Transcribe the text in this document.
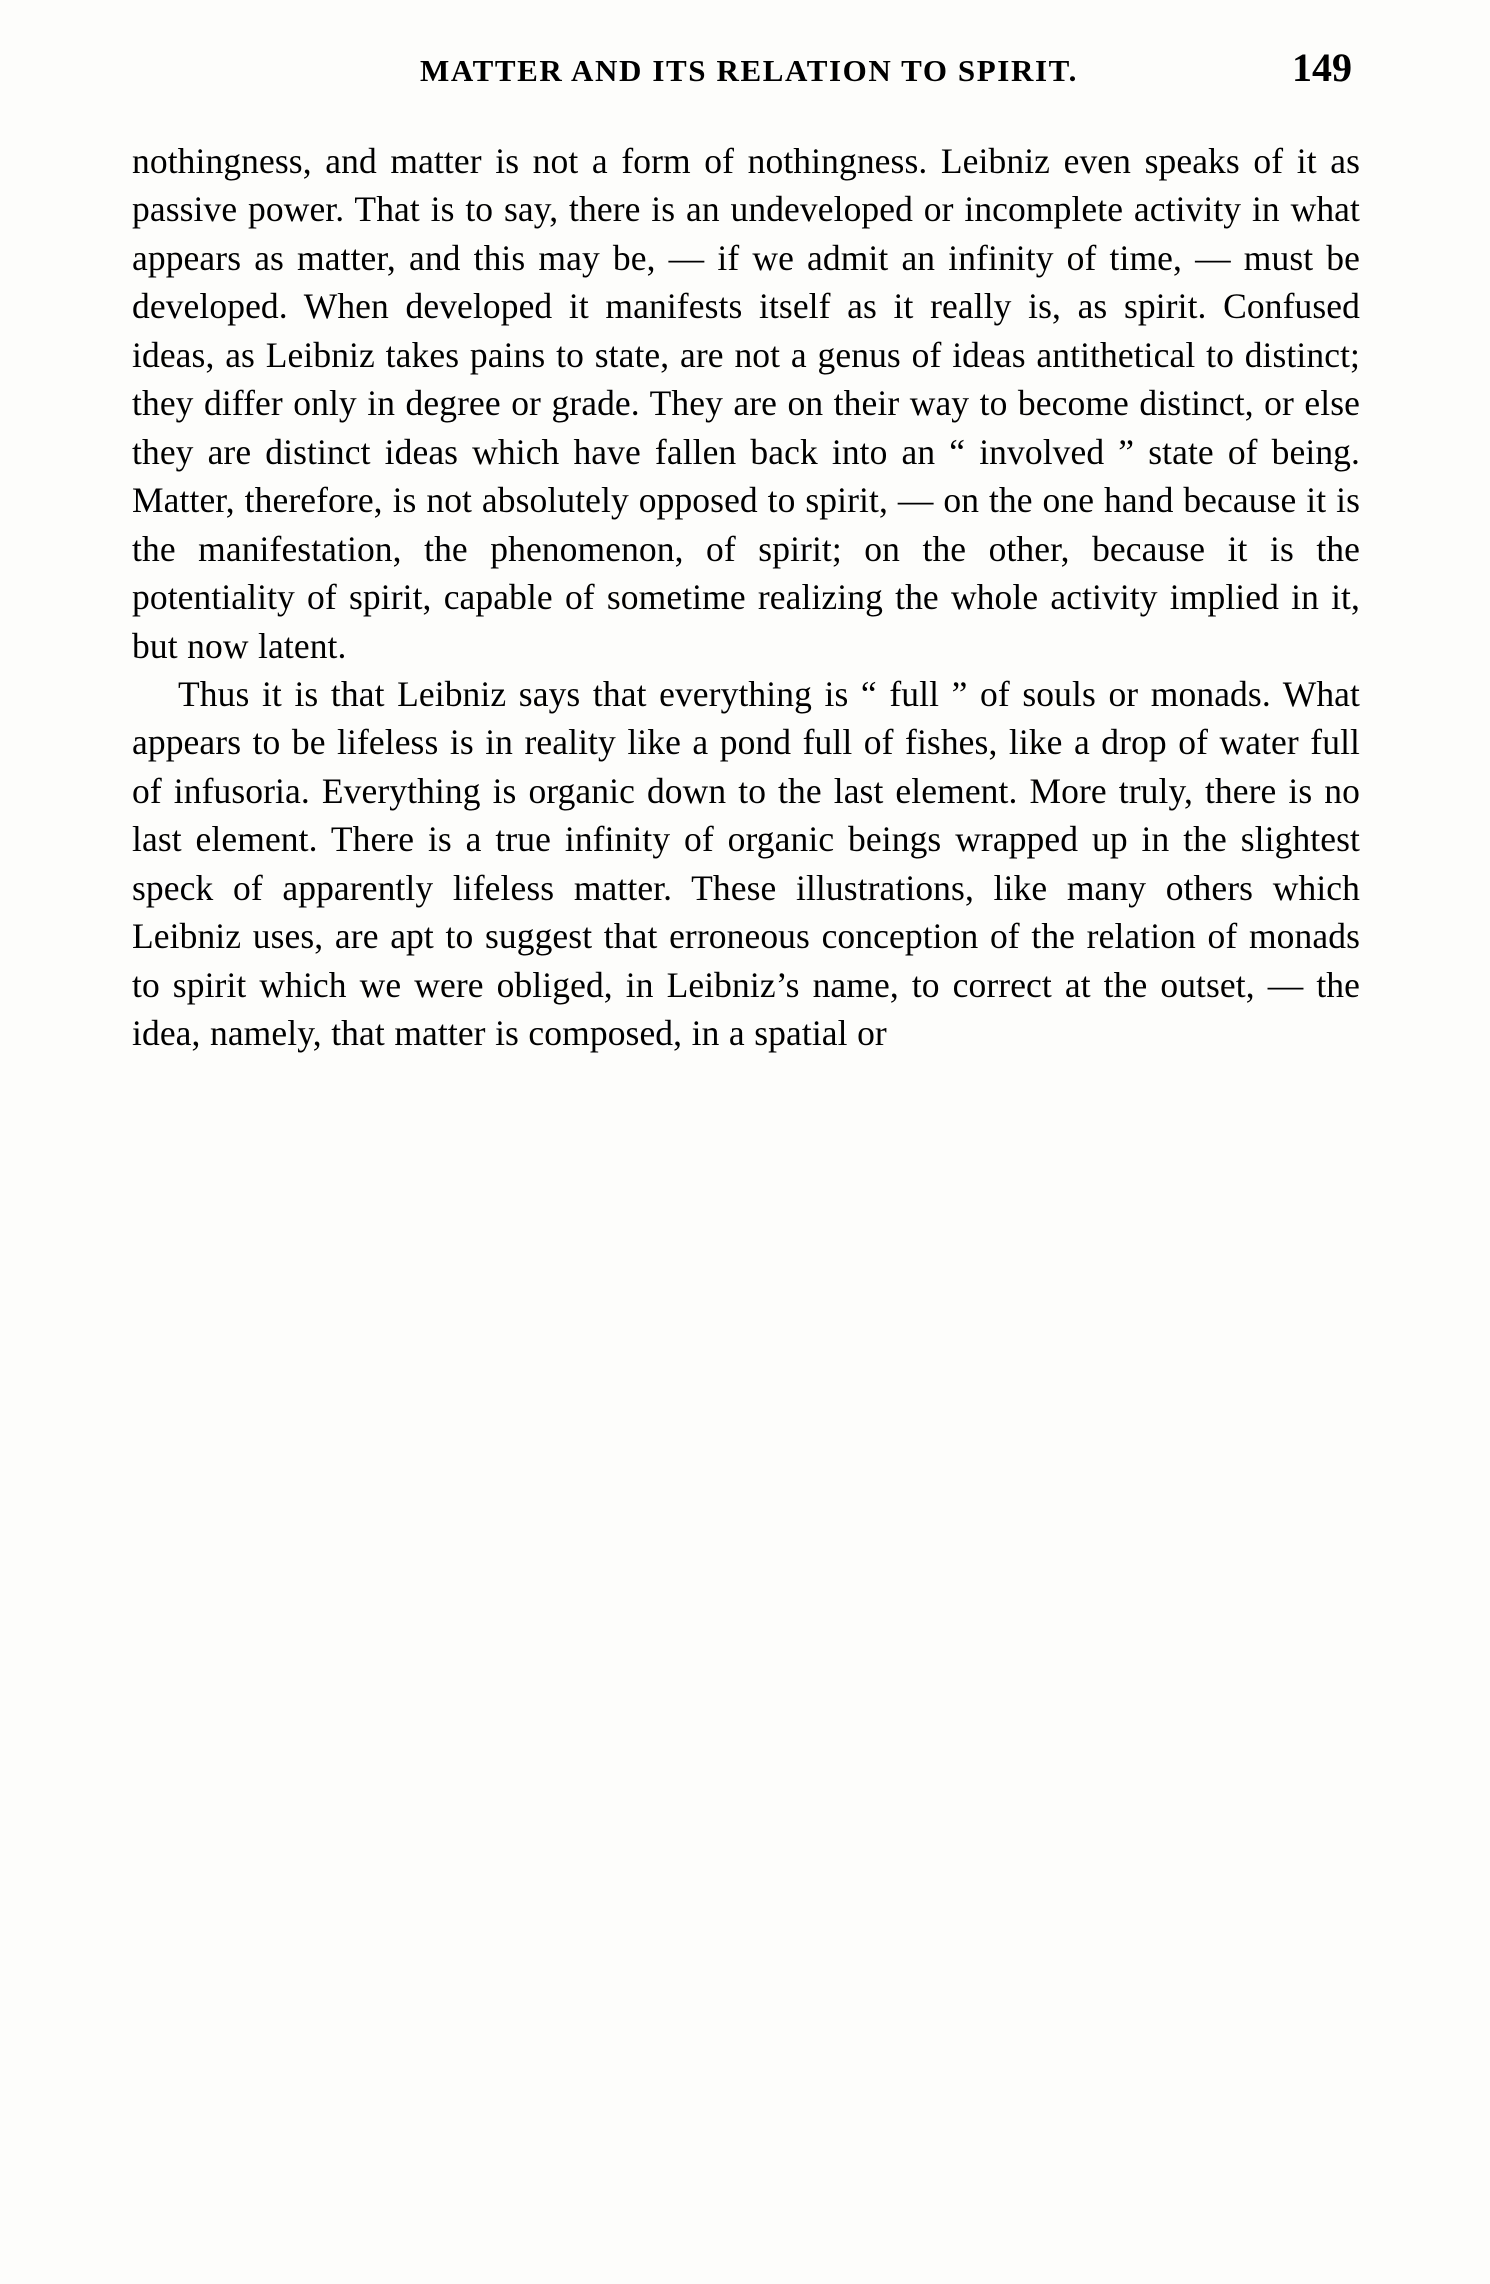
MATTER AND ITS RELATION TO SPIRIT.	149

nothingness, and matter is not a form of nothingness. Leibniz even speaks of it as passive power. That is to say, there is an undeveloped or incomplete activity in what appears as matter, and this may be, — if we admit an infinity of time, — must be developed. When developed it manifests itself as it really is, as spirit. Confused ideas, as Leibniz takes pains to state, are not a genus of ideas antithetical to distinct; they differ only in degree or grade. They are on their way to become distinct, or else they are distinct ideas which have fallen back into an “ involved ” state of being. Matter, therefore, is not absolutely opposed to spirit, — on the one hand because it is the manifestation, the phenomenon, of spirit; on the other, because it is the potentiality of spirit, capable of sometime realizing the whole activity implied in it, but now latent.

Thus it is that Leibniz says that everything is “ full ” of souls or monads. What appears to be lifeless is in reality like a pond full of fishes, like a drop of water full of infusoria. Everything is organic down to the last element. More truly, there is no last element. There is a true infinity of organic beings wrapped up in the slightest speck of apparently lifeless matter. These illustrations, like many others which Leibniz uses, are apt to suggest that erroneous conception of the relation of monads to spirit which we were obliged, in Leibniz’s name, to correct at the outset, — the idea, namely, that matter is composed, in a spatial or
